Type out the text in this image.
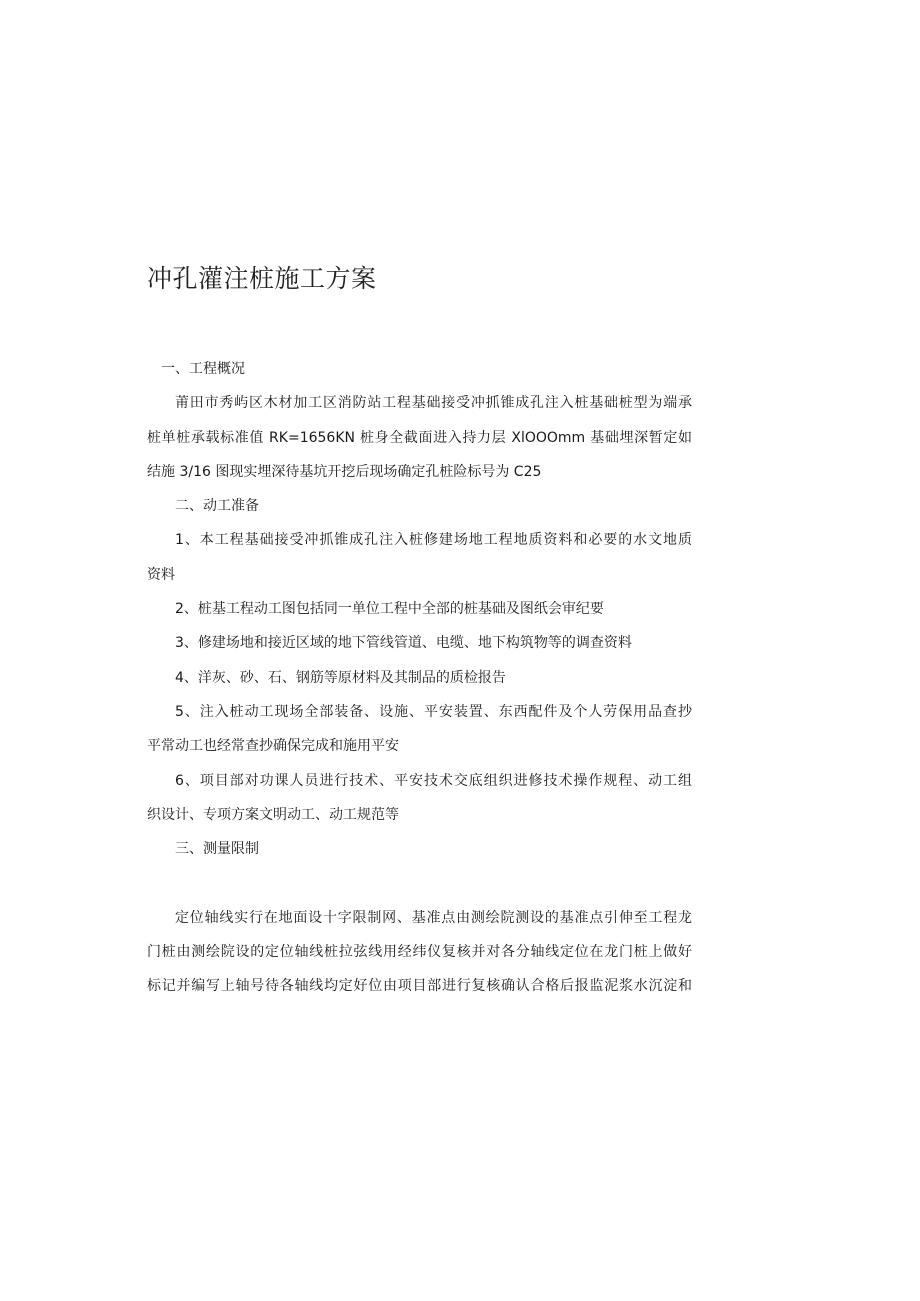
冲孔灌注桩施工方案
一、工程概况
莆田市秀屿区木材加工区消防站工程基础接受冲抓锥成孔注入桩基础桩型为端承
桩单桩承载标准值 RK=1656KN 桩身全截面进入持力层 XlOOOmm 基础埋深暂定如
结施 3/16 图现实埋深待基坑开挖后现场确定孔桩险标号为 C25
二、动工准备
1、本工程基础接受冲抓锥成孔注入桩修建场地工程地质资料和必要的水文地质
资料
2、桩基工程动工图包括同一单位工程中全部的桩基础及图纸会审纪要
3、修建场地和接近区域的地下管线管道、电缆、地下构筑物等的调查资料
4、洋灰、砂、石、钢筋等原材料及其制品的质检报告
5、注入桩动工现场全部装备、设施、平安装置、东西配件及个人劳保用品查抄
平常动工也经常查抄确保完成和施用平安
6、项目部对功课人员进行技术、平安技术交底组织进修技术操作规程、动工组
织设计、专项方案文明动工、动工规范等
三、测量限制
定位轴线实行在地面设十字限制网、基准点由测绘院测设的基准点引伸至工程龙
门桩由测绘院设的定位轴线桩拉弦线用经纬仪复核并对各分轴线定位在龙门桩上做好
标记并编写上轴号待各轴线均定好位由项目部进行复核确认合格后报监泥浆水沉淀和
